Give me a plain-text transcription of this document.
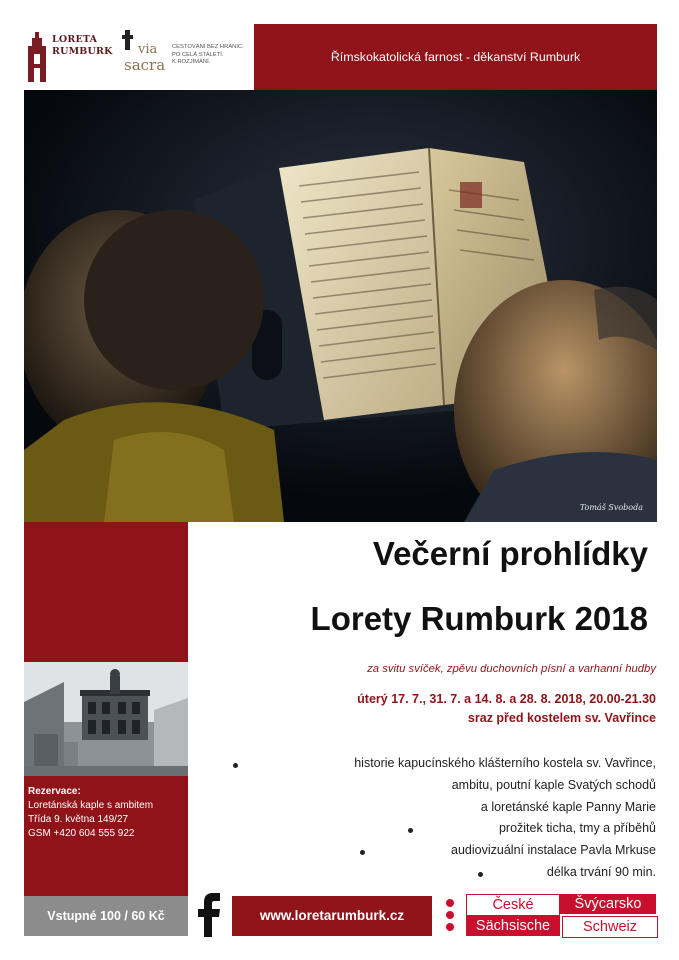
LORETA
RUMBURK via
sacra
CESTOVÁNÍ BEZ HRANIC.
PO CELÁ STALETÍ.
K ROZJÍMÁNÍ.	Římskokatolická farnost - děkanství Rumburk
Tomáš Svoboda
Rezervace:
Loretánská kaple s ambitem
Třída 9. května 149/27
GSM +420 604 555 922
Vstupné 100 / 60 Kč
Večerní prohlídky
Lorety Rumburk 2018
za svitu svíček, zpěvu duchovních písní a varhanní hudby
úterý 17. 7., 31. 7. a 14. 8. a 28. 8. 2018, 20.00-21.30
sraz před kostelem sv. Vavřince
historie kapucínského klášterního kostela sv. Vavřince,
ambitu, poutní kaple Svatých schodů
a loretánské kaple Panny Marie
prožitek ticha, tmy a příběhů
audiovizuální instalace Pavla Mrkuse
délka trvání 90 min.
www.loretarumburk.cz
České	Švýcarsko
Sächsische	Schweiz
